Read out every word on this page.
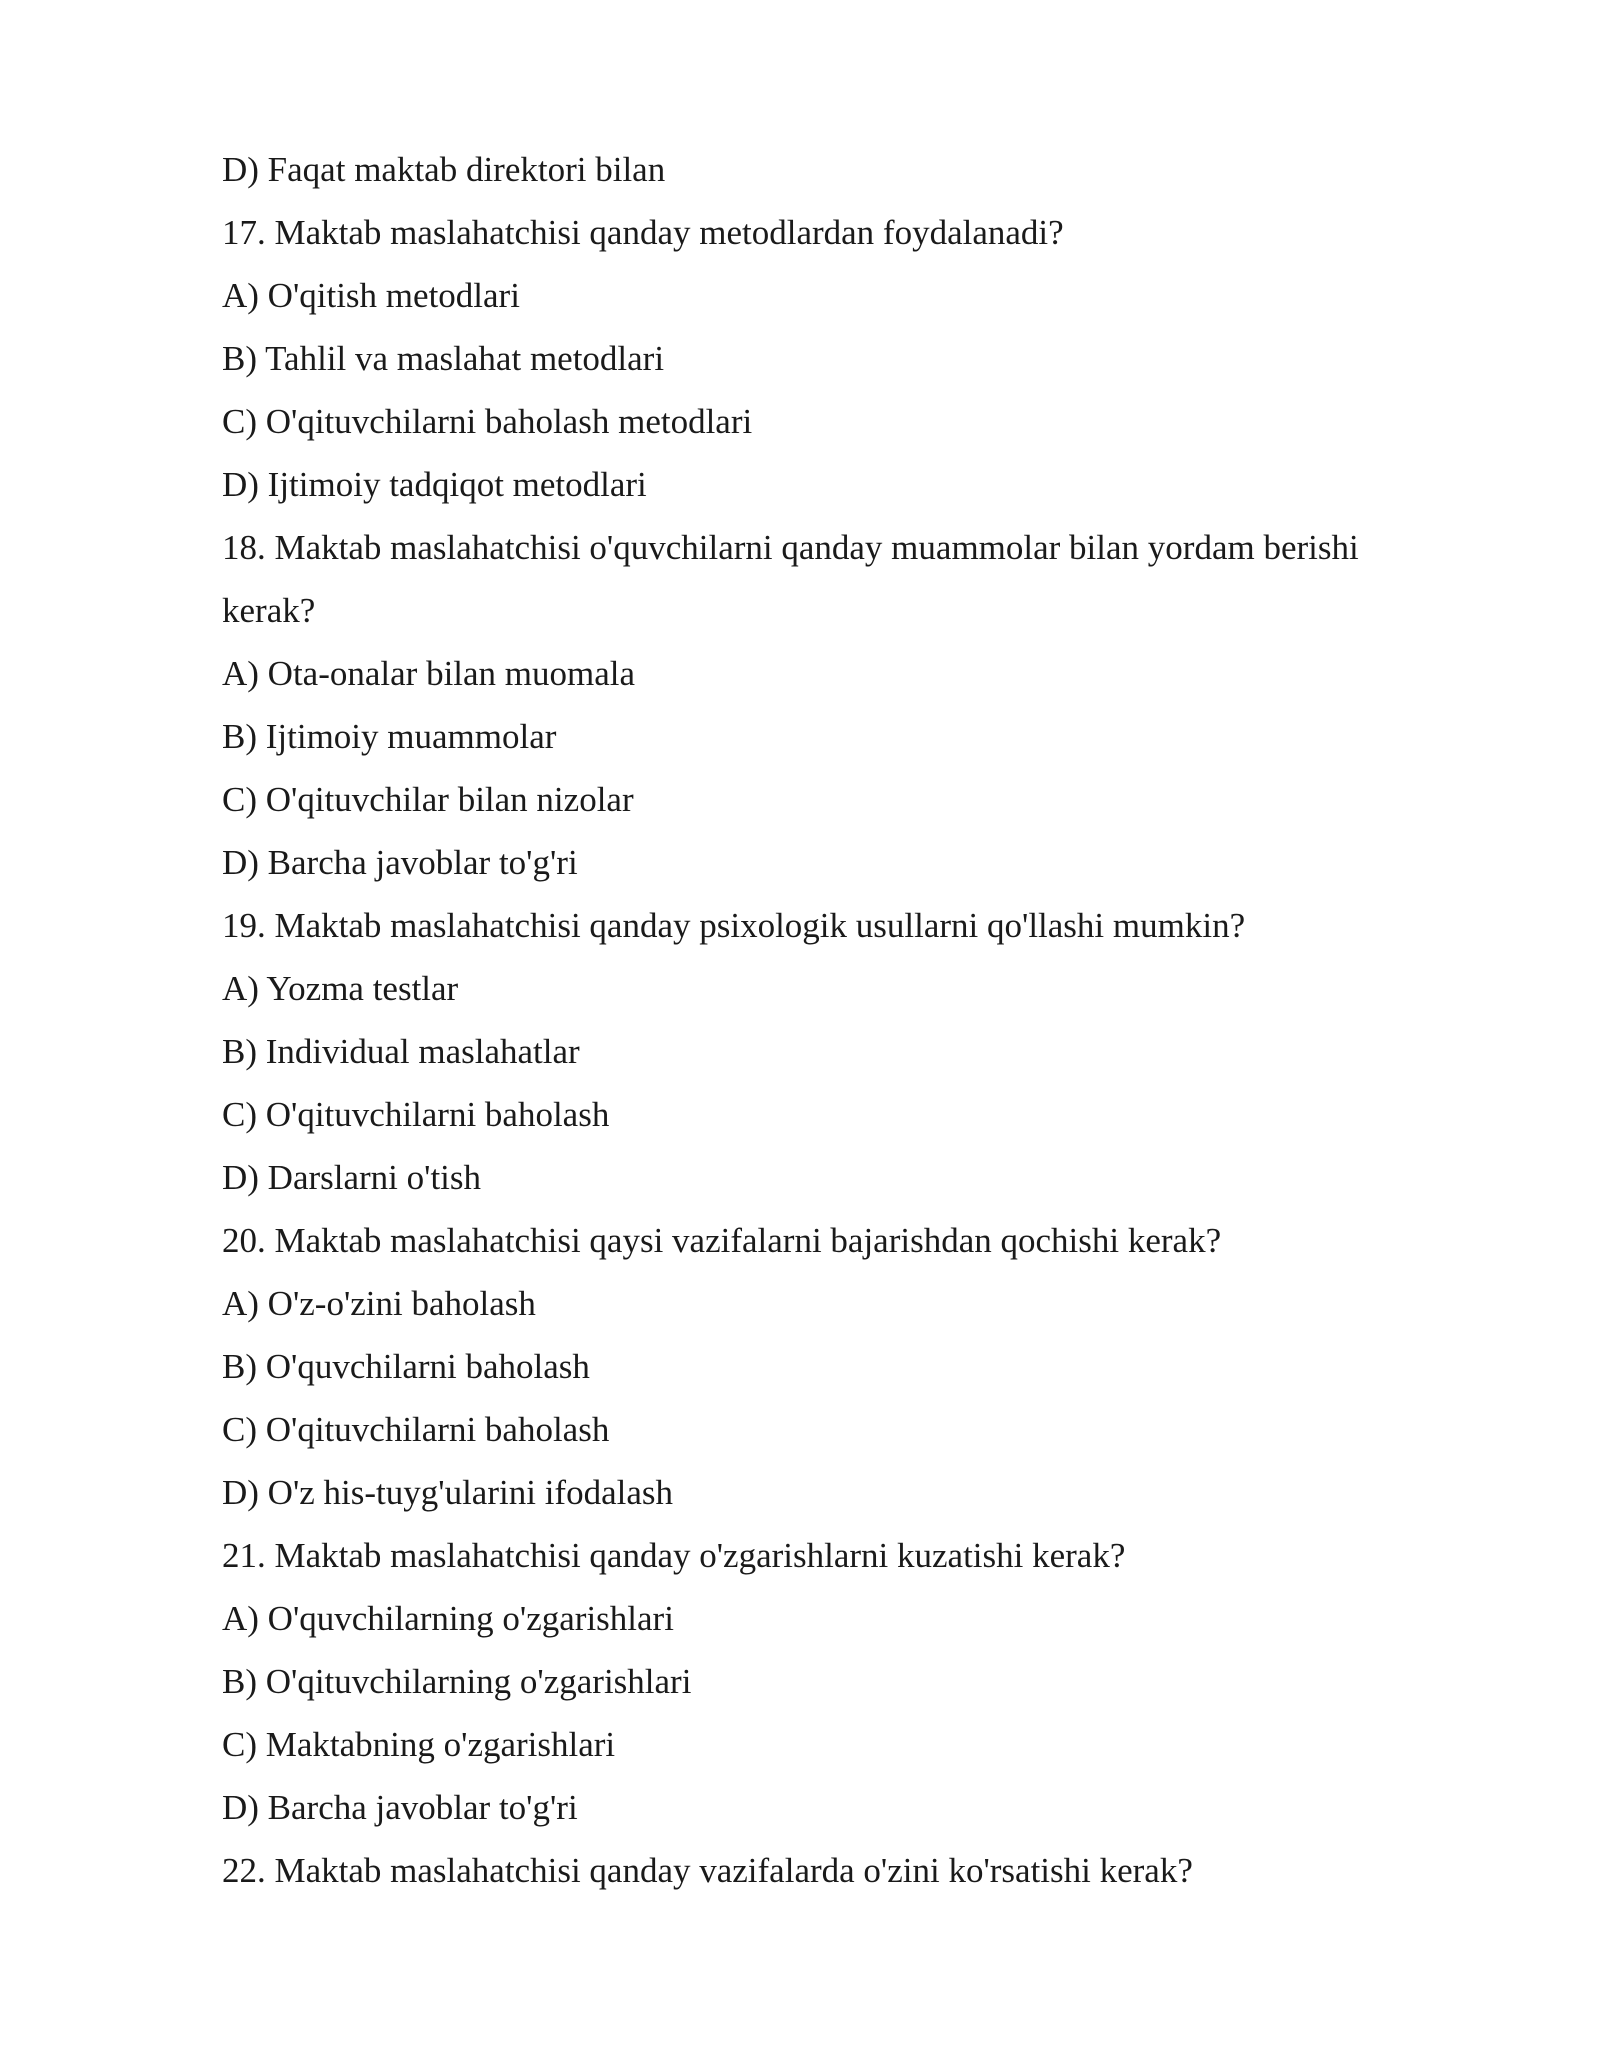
D) Faqat maktab direktori bilan
17. Maktab maslahatchisi qanday metodlardan foydalanadi?
A) O'qitish metodlari
B) Tahlil va maslahat metodlari
C) O'qituvchilarni baholash metodlari
D) Ijtimoiy tadqiqot metodlari
18. Maktab maslahatchisi o'quvchilarni qanday muammolar bilan yordam berishi
kerak?
A) Ota-onalar bilan muomala
B) Ijtimoiy muammolar
C) O'qituvchilar bilan nizolar
D) Barcha javoblar to'g'ri
19. Maktab maslahatchisi qanday psixologik usullarni qo'llashi mumkin?
A) Yozma testlar
B) Individual maslahatlar
C) O'qituvchilarni baholash
D) Darslarni o'tish
20. Maktab maslahatchisi qaysi vazifalarni bajarishdan qochishi kerak?
A) O'z-o'zini baholash
B) O'quvchilarni baholash
C) O'qituvchilarni baholash
D) O'z his-tuyg'ularini ifodalash
21. Maktab maslahatchisi qanday o'zgarishlarni kuzatishi kerak?
A) O'quvchilarning o'zgarishlari
B) O'qituvchilarning o'zgarishlari
C) Maktabning o'zgarishlari
D) Barcha javoblar to'g'ri
22. Maktab maslahatchisi qanday vazifalarda o'zini ko'rsatishi kerak?
